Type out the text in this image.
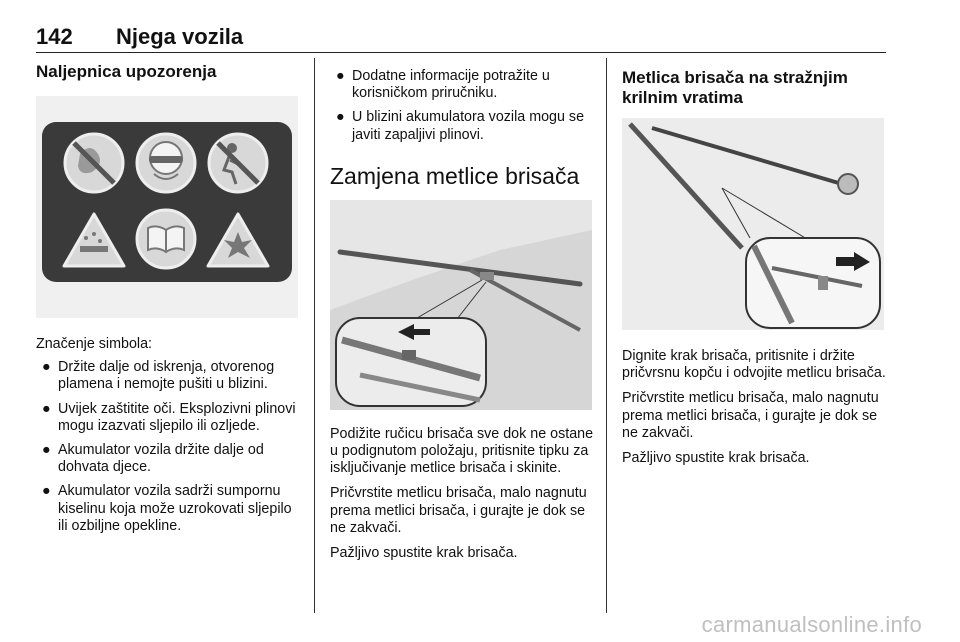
142 Njega vozila
Naljepnica upozorenja

Značenje simbola:

● Držite dalje od iskrenja, otvorenog plamena i nemojte pušiti u blizini.
● Uvijek zaštitite oči. Eksplozivni plinovi mogu izazvati sljepilo ili ozljede.
● Akumulator vozila držite dalje od dohvata djece.
● Akumulator vozila sadrži sumpornu kiselinu koja može uzrokovati sljepilo ili ozbiljne opekline.
● Dodatne informacije potražite u korisničkom priručniku.
● U blizini akumulatora vozila mogu se javiti zapaljivi plinovi.
Zamjena metlice brisača

Podižite ručicu brisača sve dok ne ostane u podignutom položaju, pritisnite tipku za isključivanje metlice brisača i skinite.

Pričvrstite metlicu brisača, malo nagnutu prema metlici brisača, i gurajte je dok se ne zakvači.

Pažljivo spustite krak brisača.

Metlica brisača na stražnjim krilnim vratima

Dignite krak brisača, pritisnite i držite pričvrsnu kopču i odvojite metlicu brisača.

Pričvrstite metlicu brisača, malo nagnutu prema metlici brisača, i gurajte je dok se ne zakvači.

Pažljivo spustite krak brisača.

carmanualsonline.info
